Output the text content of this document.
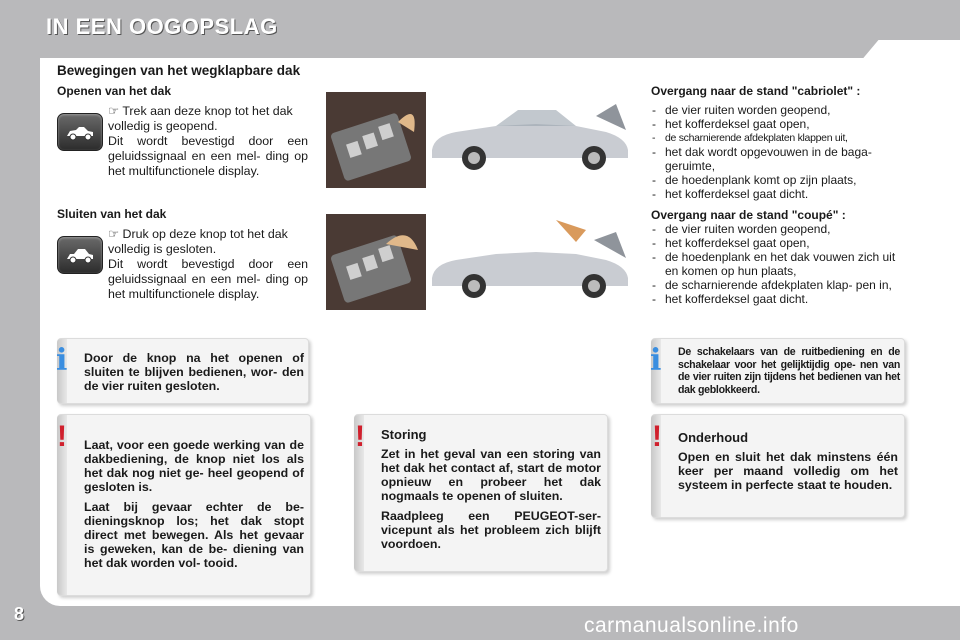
IN EEN OOGOPSLAG
Bewegingen van het wegklapbare dak
Openen van het dak

☞ Trek aan deze knop tot het dak volledig is geopend.

Dit wordt bevestigd door een geluidssignaal en een mel- ding op het multifunctionele display.

Sluiten van het dak

☞ Druk op deze knop tot het dak volledig is gesloten.

Dit wordt bevestigd door een geluidssignaal en een mel- ding op het multifunctionele display.

Overgang naar de stand "cabriolet" :
- de vier ruiten worden geopend,
- het kofferdeksel gaat open,
- de scharnierende afdekplaten klappen uit,
- het dak wordt opgevouwen in de baga- geruimte,
- de hoedenplank komt op zijn plaats,
- het kofferdeksel gaat dicht.
Overgang naar de stand "coupé" :
- de vier ruiten worden geopend,
- het kofferdeksel gaat open,
- de hoedenplank en het dak vouwen zich uit en komen op hun plaats,
- de scharnierende afdekplaten klap- pen in,
- het kofferdeksel gaat dicht.
i Door de knop na het openen of sluiten te blijven bedienen, wor- den de vier ruiten gesloten.
i De schakelaars van de ruitbediening en de schakelaar voor het gelijktijdig ope- nen van de vier ruiten zijn tijdens het bedienen van het dak geblokkeerd.
! Laat, voor een goede werking van de dakbediening, de knop niet los als het dak nog niet ge- heel geopend of gesloten is.

Laat bij gevaar echter de be- dieningsknop los; het dak stopt direct met bewegen. Als het gevaar is geweken, kan de be- diening van het dak worden vol- tooid.

! Storing

Zet in het geval van een storing van het dak het contact af, start de motor opnieuw en probeer het dak nogmaals te openen of sluiten.

Raadpleeg een PEUGEOT-ser- vicepunt als het probleem zich blijft voordoen.

! Onderhoud

Open en sluit het dak minstens één keer per maand volledig om het systeem in perfecte staat te houden.

8	carmanualsonline.info
